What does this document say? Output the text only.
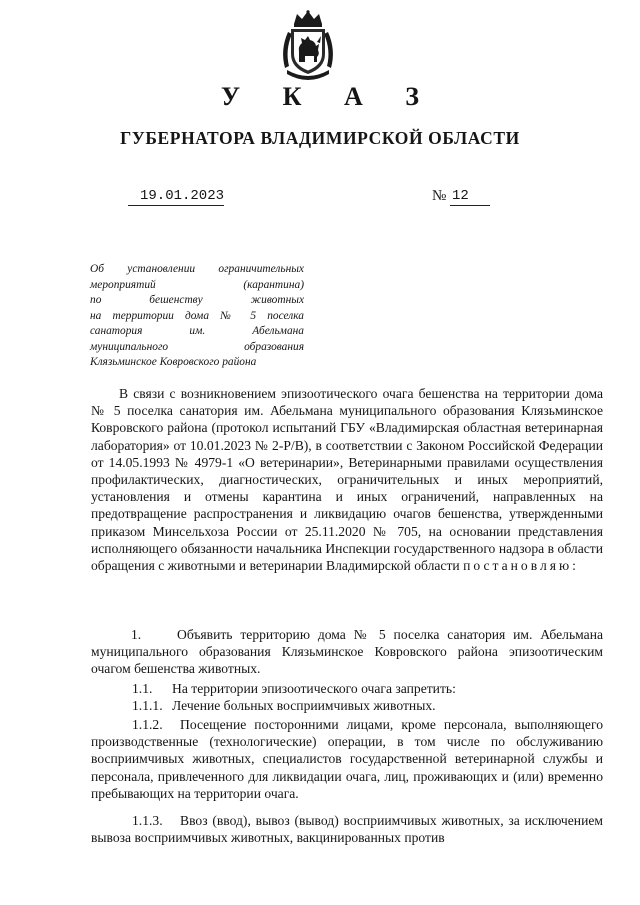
У К А З
ГУБЕРНАТОРА ВЛАДИМИРСКОЙ ОБЛАСТИ
19.01.2023	№ 12
Об установлении ограничительных
мероприятий (карантина)
по бешенству животных
на территории дома № 5 поселка
санатория им. Абельмана
муниципального образования
Клязьминское Ковровского района
В связи с возникновением эпизоотического очага бешенства на территории дома № 5 поселка санатория им. Абельмана муниципального образования Клязьминское Ковровского района (протокол испытаний ГБУ «Владимирская областная ветеринарная лаборатория» от 10.01.2023 № 2-Р/В), в соответствии с Законом Российской Федерации от 14.05.1993 № 4979-1 «О ветеринарии», Ветеринарными правилами осуществления профилактических, диагностических, ограничительных и иных мероприятий, установления и отмены карантина и иных ограничений, направленных на предотвращение распространения и ликвидацию очагов бешенства, утвержденными приказом Минсельхоза России от 25.11.2020 № 705, на основании представления исполняющего обязанности начальника Инспекции государственного надзора в области обращения с животными и ветеринарии Владимирской области постановляю:
1.	Объявить территорию дома № 5 поселка санатория им. Абельмана муниципального образования Клязьминское Ковровского района эпизоотическим очагом бешенства животных.
1.1. На территории эпизоотического очага запретить:
1.1.1. Лечение больных восприимчивых животных.
1.1.2. Посещение посторонними лицами, кроме персонала, выполняющего производственные (технологические) операции, в том числе по обслуживанию восприимчивых животных, специалистов государственной ветеринарной службы и персонала, привлеченного для ликвидации очага, лиц, проживающих и (или) временно пребывающих на территории очага.
1.1.3. Ввоз (ввод), вывоз (вывод) восприимчивых животных, за исключением вывоза восприимчивых животных, вакцинированных против
